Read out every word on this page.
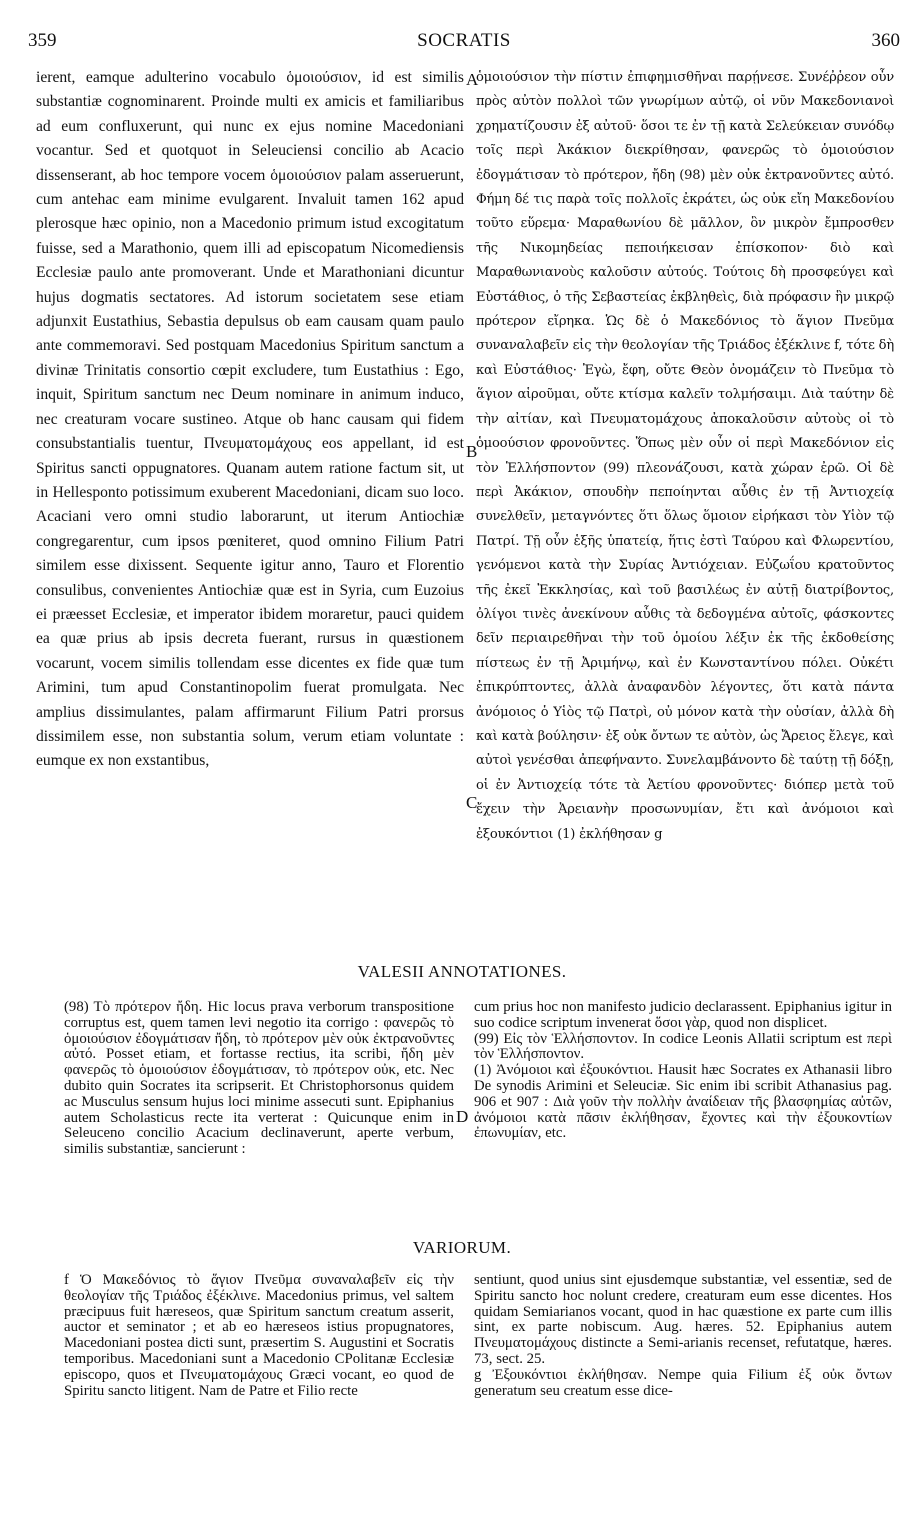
359	SOCRATIS	360

ierent, eamque adulterino vocabulo ὁμοιούσιον, id est similis substantiæ cognominarent. Proinde multi ex amicis et familiaribus ad eum confluxerunt, qui nunc ex ejus nomine Macedoniani vocantur. Sed et quotquot in Seleuciensi concilio ab Acacio dissenserant, ab hoc tempore vocem ὁμοιούσιον palam asseruerunt, cum antehac eam minime evulgarent. Invaluit tamen 162 apud plerosque hæc opinio, non a Macedonio primum istud excogitatum fuisse, sed a Marathonio, quem illi ad episcopatum Nicomediensis Ecclesiæ paulo ante promoverant. Unde et Marathoniani dicuntur hujus dogmatis sectatores. Ad istorum societatem sese etiam adjunxit Eustathius, Sebastia depulsus ob eam causam quam paulo ante commemoravi. Sed postquam Macedonius Spiritum sanctum a divinæ Trinitatis consortio cœpit excludere, tum Eustathius : Ego, inquit, Spiritum sanctum nec Deum nominare in animum induco, nec creaturam vocare sustineo. Atque ob hanc causam qui fidem consubstantialis tuentur, Πνευματομάχους eos appellant, id est Spiritus sancti oppugnatores. Quanam autem ratione factum sit, ut in Hellesponto potissimum exuberent Macedoniani, dicam suo loco. Acaciani vero omni studio laborarunt, ut iterum Antiochiæ congregarentur, cum ipsos pœniteret, quod omnino Filium Patri similem esse dixissent. Sequente igitur anno, Tauro et Florentio consulibus, convenientes Antiochiæ quæ est in Syria, cum Euzoius ei præesset Ecclesiæ, et imperator ibidem moraretur, pauci quidem ea quæ prius ab ipsis decreta fuerant, rursus in quæstionem vocarunt, vocem similis tollendam esse dicentes ex fide quæ tum Arimini, tum apud Constantinopolim fuerat promulgata. Nec amplius dissimulantes, palam affirmarunt Filium Patri prorsus dissimilem esse, non substantia solum, verum etiam voluntate : eumque ex non exstantibus,

ὁμοιούσιον τὴν πίστιν ἐπιφημισθῆναι παρῄνεσε. Συνέῤῥεον οὖν πρὸς αὐτὸν πολλοὶ τῶν γνωρίμων αὐτῷ, οἱ νῦν Μακεδονιανοὶ χρηματίζουσιν ἐξ αὐτοῦ· ὅσοι τε ἐν τῇ κατὰ Σελεύκειαν συνόδῳ τοῖς περὶ Ἀκάκιον διεκρίθησαν, φανερῶς τὸ ὁμοιούσιον ἐδογμάτισαν τὸ πρότερον, ἤδη (98) μὲν οὐκ ἐκτρανοῦντες αὐτό. Φήμη δέ τις παρὰ τοῖς πολλοῖς ἐκράτει, ὡς οὐκ εἴη Μακεδονίου τοῦτο εὕρεμα· Μαραθωνίου δὲ μᾶλλον, ὃν μικρὸν ἔμπροσθεν τῆς Νικομηδείας πεποιήκεισαν ἐπίσκοπον· διὸ καὶ Μαραθωνιανοὺς καλοῦσιν αὐτούς. Τούτοις δὴ προσφεύγει καὶ Εὐστάθιος, ὁ τῆς Σεβαστείας ἐκβληθεὶς, διὰ πρόφασιν ἣν μικρῷ πρότερον εἴρηκα. Ὡς δὲ ὁ Μακεδόνιος τὸ ἅγιον Πνεῦμα συναναλαβεῖν εἰς τὴν θεολογίαν τῆς Τριάδος ἐξέκλινε f, τότε δὴ καὶ Εὐστάθιος· Ἐγὼ, ἔφη, οὔτε Θεὸν ὀνομάζειν τὸ Πνεῦμα τὸ ἅγιον αἱροῦμαι, οὔτε κτίσμα καλεῖν τολμήσαιμι. Διὰ ταύτην δὲ τὴν αἰτίαν, καὶ Πνευματομάχους ἀποκαλοῦσιν αὐτοὺς οἱ τὸ ὁμοούσιον φρονοῦντες. Ὅπως μὲν οὖν οἱ περὶ Μακεδόνιον εἰς τὸν Ἑλλήσποντον (99) πλεονάζουσι, κατὰ χώραν ἐρῶ. Οἱ δὲ περὶ Ἀκάκιον, σπουδὴν πεποίηνται αὖθις ἐν τῇ Ἀντιοχείᾳ συνελθεῖν, μεταγνόντες ὅτι ὅλως ὅμοιον εἰρήκασι τὸν Υἱὸν τῷ Πατρί. Τῇ οὖν ἑξῆς ὑπατείᾳ, ἥτις ἐστὶ Ταύρου καὶ Φλωρεντίου, γενόμενοι κατὰ τὴν Συρίας Ἀντιόχειαν. Εὐζωΐου κρατοῦντος τῆς ἐκεῖ Ἐκκλησίας, καὶ τοῦ βασιλέως ἐν αὐτῇ διατρίβοντος, ὀλίγοι τινὲς ἀνεκίνουν αὖθις τὰ δεδογμένα αὐτοῖς, φάσκοντες δεῖν περιαιρεθῆναι τὴν τοῦ ὁμοίου λέξιν ἐκ τῆς ἐκδοθείσης πίστεως ἐν τῇ Ἀριμήνῳ, καὶ ἐν Κωνσταντίνου πόλει. Οὐκέτι ἐπικρύπτοντες, ἀλλὰ ἀναφανδὸν λέγοντες, ὅτι κατὰ πάντα ἀνόμοιος ὁ Υἱὸς τῷ Πατρὶ, οὐ μόνον κατὰ τὴν οὐσίαν, ἀλλὰ δὴ καὶ κατὰ βούλησιν· ἐξ οὐκ ὄντων τε αὐτὸν, ὡς Ἄρειος ἔλεγε, καὶ αὐτοὶ γενέσθαι ἀπεφήναντο. Συνελαμβάνοντο δὲ ταύτῃ τῇ δόξῃ, οἱ ἐν Ἀντιοχείᾳ τότε τὰ Ἀετίου φρονοῦντες· διόπερ μετὰ τοῦ ἔχειν τὴν Ἀρειανὴν προσωνυμίαν, ἔτι καὶ ἀνόμοιοι καὶ ἐξουκόντιοι (1) ἐκλήθησαν g

A
B
C
D
VALESII ANNOTATIONES.

(98) Τὸ πρότερον ἤδη. Hic locus prava verborum transpositione corruptus est, quem tamen levi negotio ita corrigo : φανερῶς τὸ ὁμοιούσιον ἐδογμάτισαν ἤδη, τὸ πρότερον μὲν οὐκ ἐκτρανοῦντες αὐτό. Posset etiam, et fortasse rectius, ita scribi, ἤδη μὲν φανερῶς τὸ ὁμοιούσιον ἐδογμάτισαν, τὸ πρότερον οὐκ, etc. Nec dubito quin Socrates ita scripserit. Et Christophorsonus quidem ac Musculus sensum hujus loci minime assecuti sunt. Epiphanius autem Scholasticus recte ita verterat : Quicunque enim in Seleuceno concilio Acacium declinaverunt, aperte verbum, similis substantiæ, sancierunt :

cum prius hoc non manifesto judicio declarassent. Epiphanius igitur in suo codice scriptum invenerat ὅσοι γὰρ, quod non displicet.

(99) Εἰς τὸν Ἑλλήσποντον. In codice Leonis Allatii scriptum est περὶ τὸν Ἑλλήσποντον.

(1) Ἀνόμοιοι καὶ ἐξουκόντιοι. Hausit hæc Socrates ex Athanasii libro De synodis Arimini et Seleuciæ. Sic enim ibi scribit Athanasius pag. 906 et 907 : Διὰ γοῦν τὴν πολλὴν ἀναίδειαν τῆς βλασφημίας αὐτῶν, ἀνόμοιοι κατὰ πᾶσιν ἐκλήθησαν, ἔχοντες καὶ τὴν ἐξουκοντίων ἐπωνυμίαν, etc.

VARIORUM.

f Ὁ Μακεδόνιος τὸ ἅγιον Πνεῦμα συναναλαβεῖν εἰς τὴν θεολογίαν τῆς Τριάδος ἐξέκλινε. Macedonius primus, vel saltem præcipuus fuit hæreseos, quæ Spiritum sanctum creatum asserit, auctor et seminator ; et ab eo hæreseos istius propugnatores, Macedoniani postea dicti sunt, præsertim S. Augustini et Socratis temporibus. Macedoniani sunt a Macedonio CPolitanæ Ecclesiæ episcopo, quos et Πνευματομάχους Græci vocant, eo quod de Spiritu sancto litigent. Nam de Patre et Filio recte

sentiunt, quod unius sint ejusdemque substantiæ, vel essentiæ, sed de Spiritu sancto hoc nolunt credere, creaturam eum esse dicentes. Hos quidam Semiarianos vocant, quod in hac quæstione ex parte cum illis sint, ex parte nobiscum. Aug. hæres. 52. Epiphanius autem Πνευματομάχους distincte a Semi-arianis recenset, refutatque, hæres. 73, sect. 25.

g Ἐξουκόντιοι ἐκλήθησαν. Nempe quia Filium ἐξ οὐκ ὄντων generatum seu creatum esse dice-
